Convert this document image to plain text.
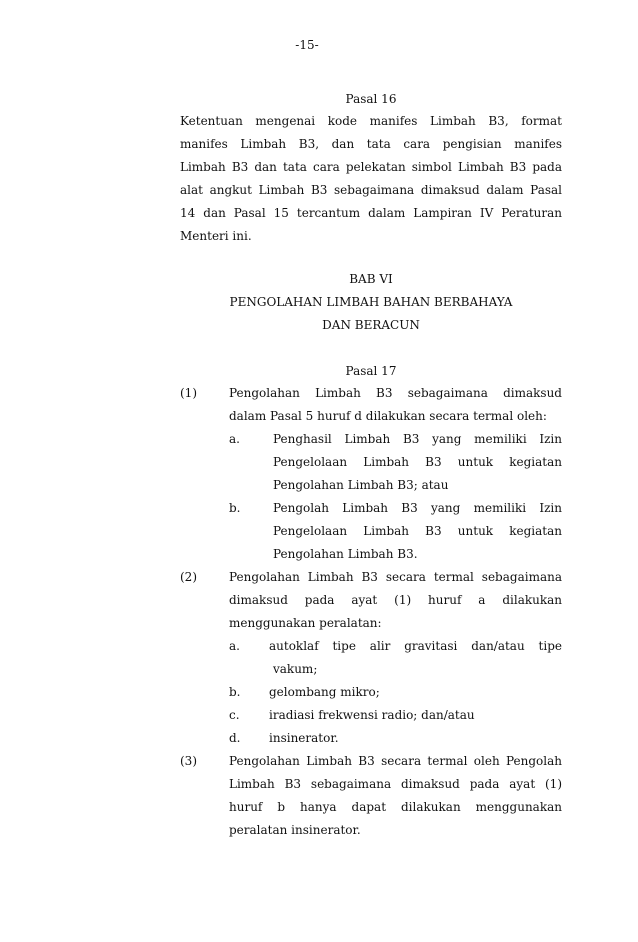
-15-
Pasal 16
Ketentuan mengenai kode manifes Limbah B3, format
manifes Limbah B3, dan tata cara pengisian manifes
Limbah B3 dan tata cara pelekatan simbol Limbah B3 pada
alat angkut Limbah B3 sebagaimana dimaksud dalam Pasal
14 dan Pasal 15 tercantum dalam Lampiran IV Peraturan
Menteri ini.
BAB VI
PENGOLAHAN LIMBAH BAHAN BERBAHAYA
DAN BERACUN
Pasal 17
(1)	Pengolahan Limbah B3 sebagaimana dimaksud
dalam Pasal 5 huruf d dilakukan secara termal oleh:
a.	Penghasil Limbah B3 yang memiliki Izin
Pengelolaan Limbah B3 untuk kegiatan
Pengolahan Limbah B3; atau
b.	Pengolah Limbah B3 yang memiliki Izin
Pengelolaan Limbah B3 untuk kegiatan
Pengolahan Limbah B3.
(2)	Pengolahan Limbah B3 secara termal sebagaimana
dimaksud pada ayat (1) huruf a dilakukan
menggunakan peralatan:
a. autoklaf tipe alir gravitasi dan/atau tipe
vakum;
b. gelombang mikro;
c. iradiasi frekwensi radio; dan/atau
d. insinerator.
(3)	Pengolahan Limbah B3 secara termal oleh Pengolah
Limbah B3 sebagaimana dimaksud pada ayat (1)
huruf b hanya dapat dilakukan menggunakan
peralatan insinerator.
